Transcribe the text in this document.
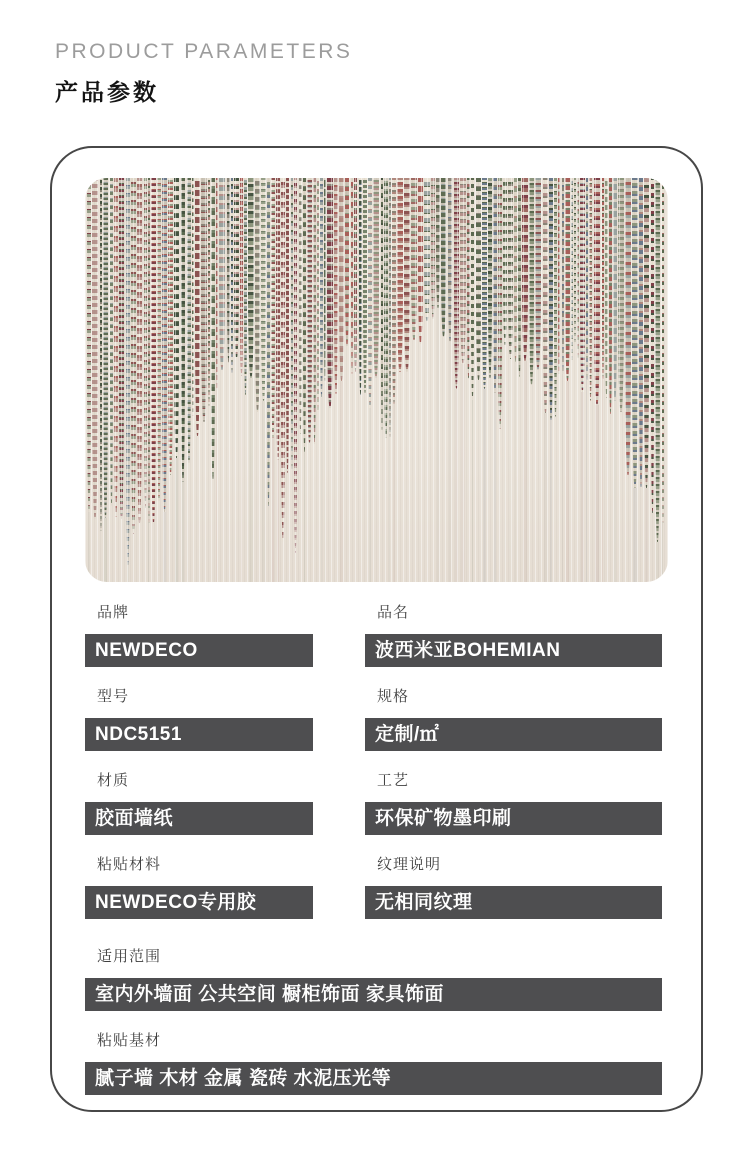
PRODUCT PARAMETERS
产品参数
品牌
NEWDECO
品名
波西米亚BOHEMIAN
型号
NDC5151
规格
定制/㎡
材质
胶面墙纸
工艺
环保矿物墨印刷
粘贴材料
NEWDECO专用胶
纹理说明
无相同纹理
适用范围
室内外墙面 公共空间 橱柜饰面 家具饰面
粘贴基材
腻子墙 木材 金属 瓷砖 水泥压光等
